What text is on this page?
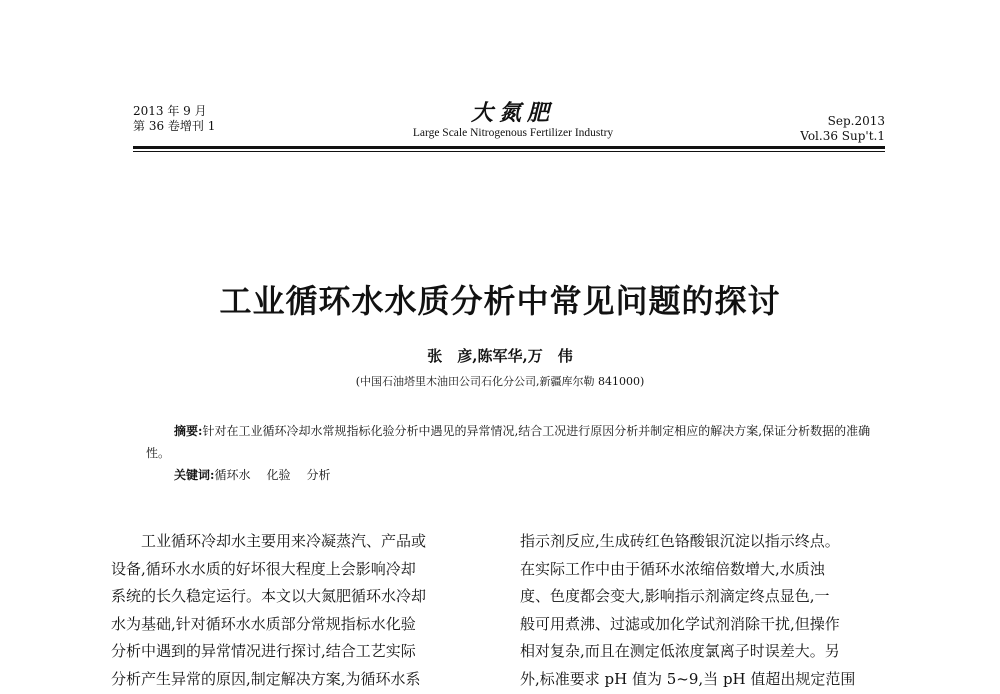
2013 年 9 月
第 36 卷增刊 1	大氮肥
Large Scale Nitrogenous Fertilizer Industry
Sep.2013
Vol.36 Sup't.1
工业循环水水质分析中常见问题的探讨
张　彦,陈军华,万　伟
(中国石油塔里木油田公司石化分公司,新疆库尔勒 841000)

摘要:针对在工业循环冷却水常规指标化验分析中遇见的异常情况,结合工况进行原因分析并制定相应的解决方案,保证分析数据的准确性。

关键词:循环水 化验 分析
工业循环冷却水主要用来冷凝蒸汽、产品或
设备,循环水水质的好坏很大程度上会影响冷却
系统的长久稳定运行。本文以大氮肥循环水冷却
水为基础,针对循环水水质部分常规指标水化验
分析中遇到的异常情况进行探讨,结合工艺实际
分析产生异常的原因,制定解决方案,为循环水系
指示剂反应,生成砖红色铬酸银沉淀以指示终点。
在实际工作中由于循环水浓缩倍数增大,水质浊
度、色度都会变大,影响指示剂滴定终点显色,一
般可用煮沸、过滤或加化学试剂消除干扰,但操作
相对复杂,而且在测定低浓度氯离子时误差大。另
外,标准要求 pH 值为 5~9,当 pH 值超出规定范围
